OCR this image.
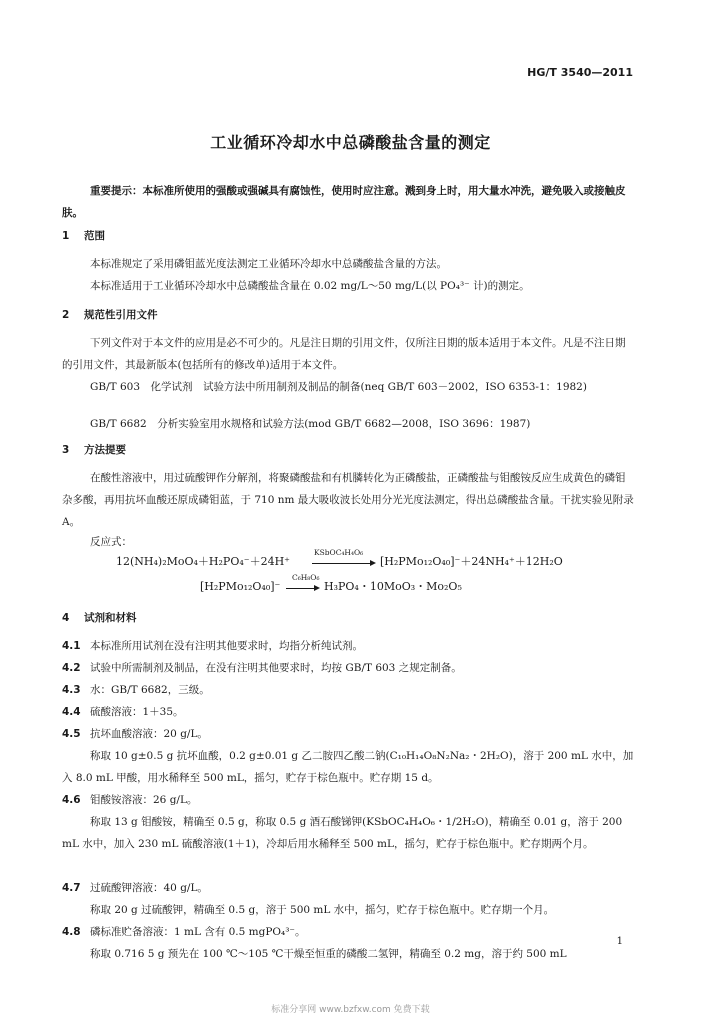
HG/T 3540—2011
工业循环冷却水中总磷酸盐含量的测定
重要提示：本标准所使用的强酸或强碱具有腐蚀性，使用时应注意。溅到身上时，用大量水冲洗，避免吸入或接触皮肤。
1 范围
本标准规定了采用磷钼蓝光度法测定工业循环冷却水中总磷酸盐含量的方法。
本标准适用于工业循环冷却水中总磷酸盐含量在 0.02 mg/L～50 mg/L(以 PO₄³⁻ 计)的测定。
2 规范性引用文件
下列文件对于本文件的应用是必不可少的。凡是注日期的引用文件，仅所注日期的版本适用于本文件。凡是不注日期的引用文件，其最新版本(包括所有的修改单)适用于本文件。
GB/T 603　化学试剂　试验方法中所用制剂及制品的制备(neq GB/T 603－2002，ISO 6353-1：1982)
GB/T 6682　分析实验室用水规格和试验方法(mod GB/T 6682—2008，ISO 3696：1987)
3 方法提要
在酸性溶液中，用过硫酸钾作分解剂，将聚磷酸盐和有机膦转化为正磷酸盐，正磷酸盐与钼酸铵反应生成黄色的磷钼杂多酸，再用抗坏血酸还原成磷钼蓝，于 710 nm 最大吸收波长处用分光光度法测定，得出总磷酸盐含量。干扰实验见附录 A。
反应式：
12(NH₄)₂MoO₄＋H₂PO₄⁻＋24H⁺
KSbOC₄H₄O₆
[H₂PMo₁₂O₄₀]⁻＋24NH₄⁺＋12H₂O
[H₂PMo₁₂O₄₀]⁻
C₆H₈O₆
H₃PO₄・10MoO₃・Mo₂O₅
4 试剂和材料
4.1 本标准所用试剂在没有注明其他要求时，均指分析纯试剂。
4.2 试验中所需制剂及制品，在没有注明其他要求时，均按 GB/T 603 之规定制备。
4.3 水：GB/T 6682，三级。
4.4 硫酸溶液：1＋35。
4.5 抗坏血酸溶液：20 g/L。
称取 10 g±0.5 g 抗坏血酸，0.2 g±0.01 g 乙二胺四乙酸二钠(C₁₀H₁₄O₈N₂Na₂・2H₂O)，溶于 200 mL 水中，加入 8.0 mL 甲酸，用水稀释至 500 mL，摇匀，贮存于棕色瓶中。贮存期 15 d。
4.6 钼酸铵溶液：26 g/L。
称取 13 g 钼酸铵，精确至 0.5 g，称取 0.5 g 酒石酸锑钾(KSbOC₄H₄O₆・1/2H₂O)，精确至 0.01 g，溶于 200 mL 水中，加入 230 mL 硫酸溶液(1＋1)，冷却后用水稀释至 500 mL，摇匀，贮存于棕色瓶中。贮存期两个月。
4.7 过硫酸钾溶液：40 g/L。
称取 20 g 过硫酸钾，精确至 0.5 g，溶于 500 mL 水中，摇匀，贮存于棕色瓶中。贮存期一个月。
4.8 磷标准贮备溶液：1 mL 含有 0.5 mgPO₄³⁻。
称取 0.716 5 g 预先在 100 ℃～105 ℃干燥至恒重的磷酸二氢钾，精确至 0.2 mg，溶于约 500 mL
1
标准分享网 www.bzfxw.com 免费下载
